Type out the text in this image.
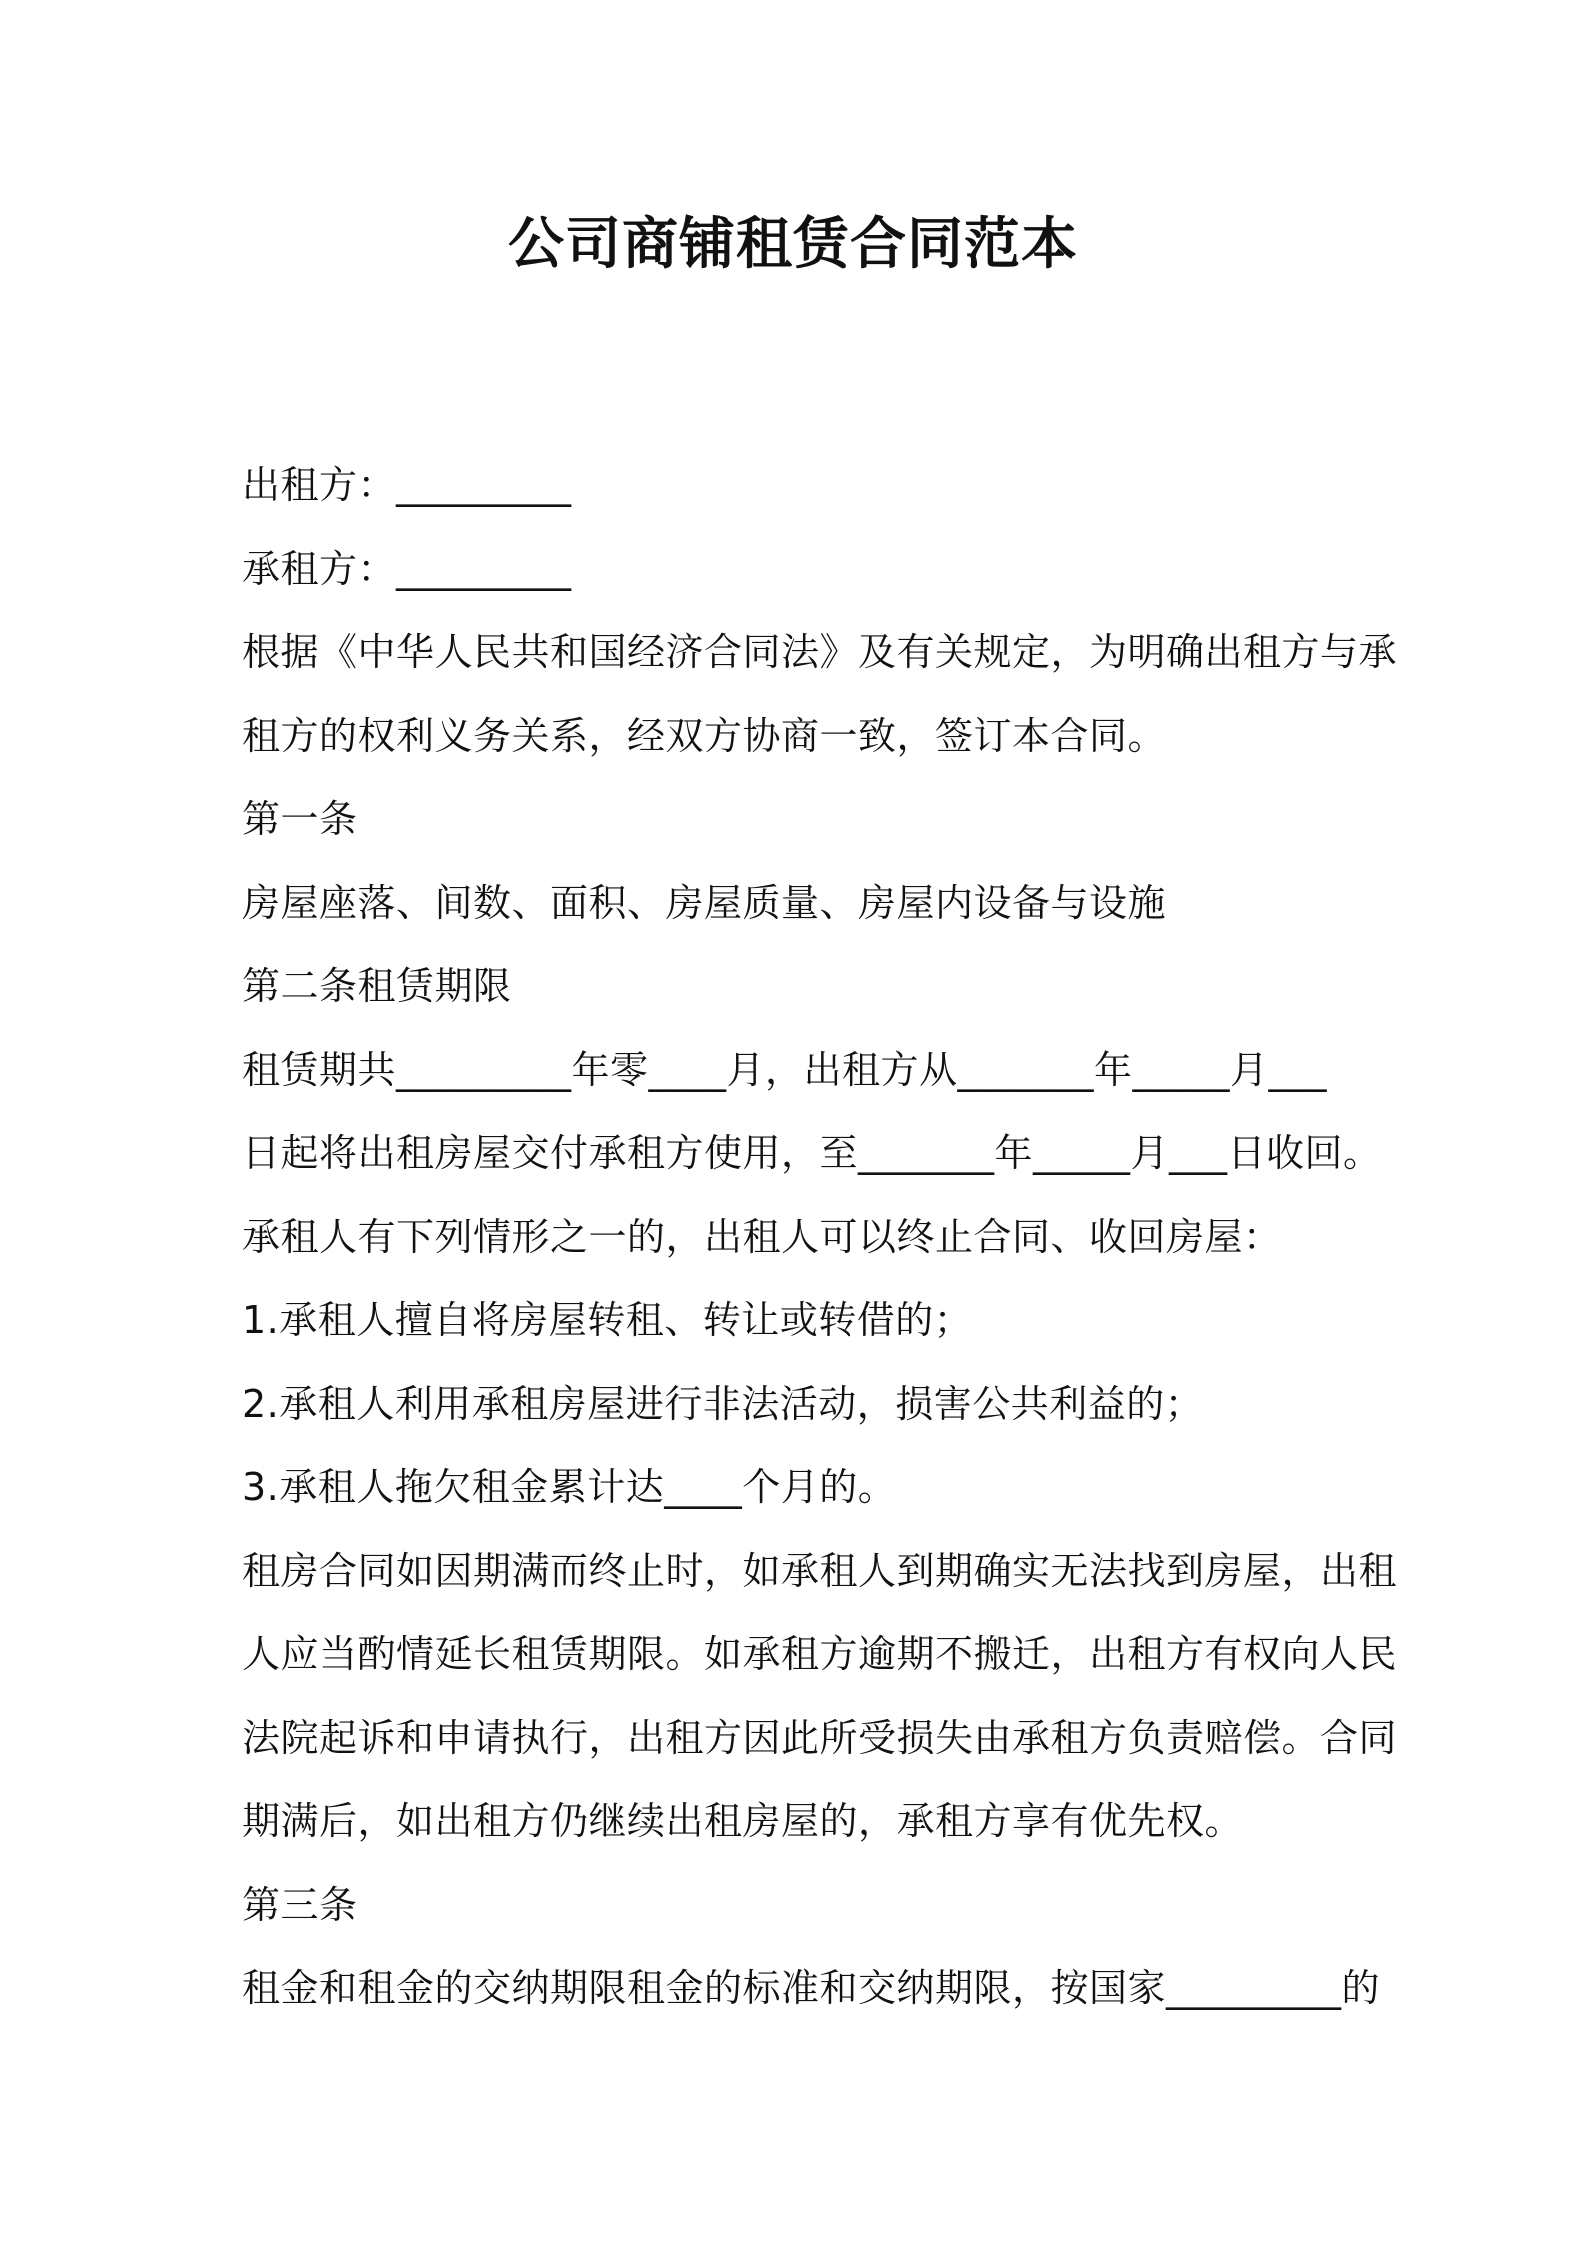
公司商铺租赁合同范本

出租方：_________

承租方：_________

根据《中华人民共和国经济合同法》及有关规定，为明确出租方与承

租方的权利义务关系，经双方协商一致，签订本合同。

第一条

房屋座落、间数、面积、房屋质量、房屋内设备与设施

第二条租赁期限

租赁期共_________年零____月，出租方从_______年_____月___

日起将出租房屋交付承租方使用，至_______年_____月___日收回。

承租人有下列情形之一的，出租人可以终止合同、收回房屋：

1.承租人擅自将房屋转租、转让或转借的；

2.承租人利用承租房屋进行非法活动，损害公共利益的；

3.承租人拖欠租金累计达____个月的。

租房合同如因期满而终止时，如承租人到期确实无法找到房屋，出租

人应当酌情延长租赁期限。如承租方逾期不搬迁，出租方有权向人民

法院起诉和申请执行，出租方因此所受损失由承租方负责赔偿。合同

期满后，如出租方仍继续出租房屋的，承租方享有优先权。

第三条

租金和租金的交纳期限租金的标准和交纳期限，按国家_________的
